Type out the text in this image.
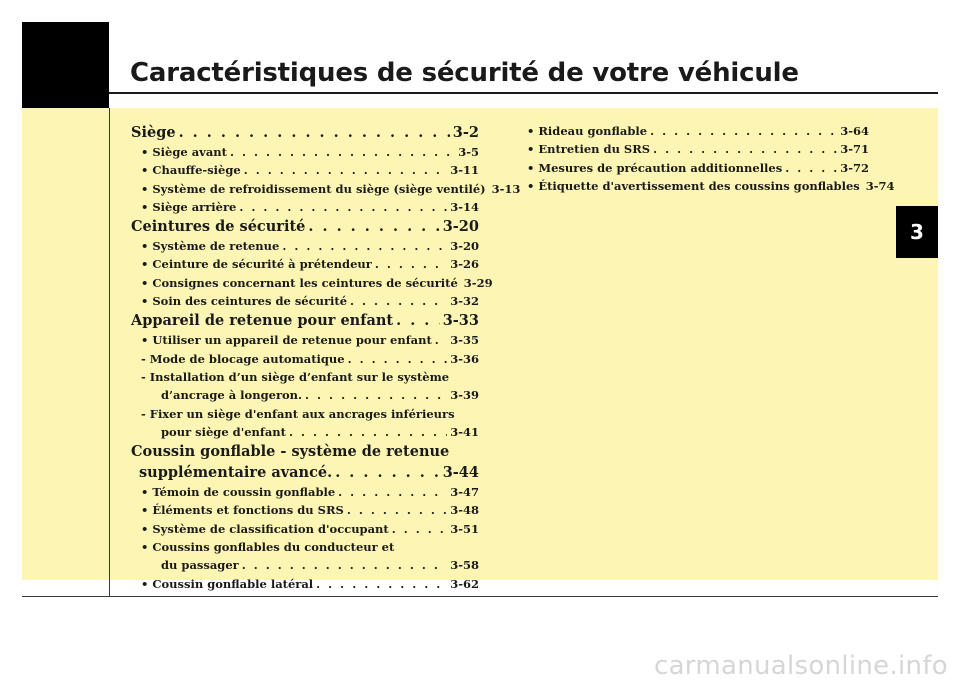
Caractéristiques de sécurité de votre véhicule
3
Siège . . .	3-2
• Siège avant . . .	3-5
• Chauffe-siège . . .	3-11
• Système de refroidissement du siège (siège ventilé) 3-13
• Siège arrière . . .	3-14
Ceintures de sécurité . . .	3-20
• Système de retenue . . .	3-20
• Ceinture de sécurité à prétendeur . . .	3-26
• Consignes concernant les ceintures de sécurité 3-29
• Soin des ceintures de sécurité . . .	3-32
Appareil de retenue pour enfant . . .	3-33
• Utiliser un appareil de retenue pour enfant . . . 3-35
- Mode de blocage automatique . . .	3-36
- Installation d’un siège d’enfant sur le système
d’ancrage à longeron. . . .	3-39
- Fixer un siège d'enfant aux ancrages inférieurs
pour siège d'enfant . . .	3-41
Coussin gonflable - système de retenue
supplémentaire avancé. . . .	3-44
• Témoin de coussin gonflable . . .	3-47
• Éléments et fonctions du SRS . . .	3-48
• Système de classification d'occupant . . .	3-51
• Coussins gonflables du conducteur et
du passager . . .	3-58
• Coussin gonflable latéral . . .	3-62
• Rideau gonflable . . .	3-64
• Entretien du SRS . . .	3-71
• Mesures de précaution additionnelles . . .	3-72
• Étiquette d'avertissement des coussins gonflables 3-74
carmanualsonline.info
